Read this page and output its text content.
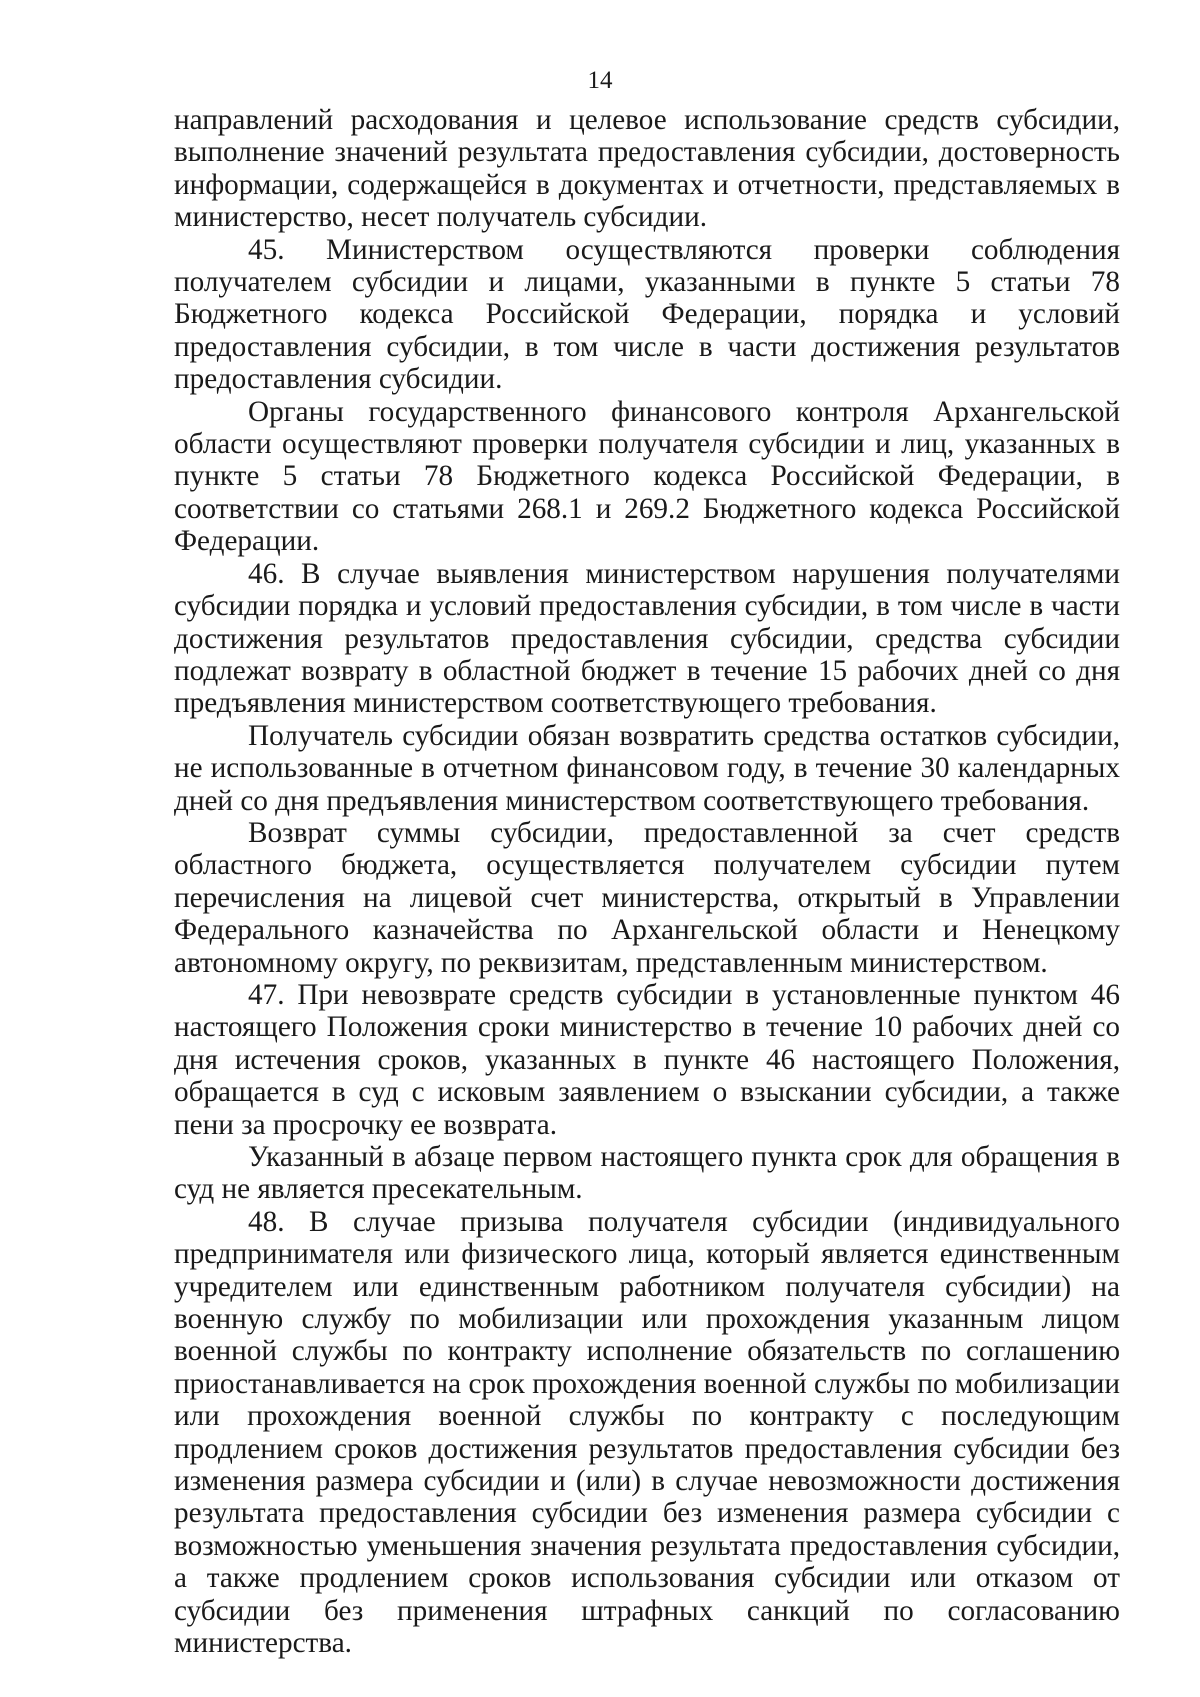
14

направлений расходования и целевое использование средств субсидии, выполнение значений результата предоставления субсидии, достоверность информации, содержащейся в документах и отчетности, представляемых в министерство, несет получатель субсидии.

45. Министерством осуществляются проверки соблюдения получателем субсидии и лицами, указанными в пункте 5 статьи 78 Бюджетного кодекса Российской Федерации, порядка и условий предоставления субсидии, в том числе в части достижения результатов предоставления субсидии.

Органы государственного финансового контроля Архангельской области осуществляют проверки получателя субсидии и лиц, указанных в пункте 5 статьи 78 Бюджетного кодекса Российской Федерации, в соответствии со статьями 268.1 и 269.2 Бюджетного кодекса Российской Федерации.

46. В случае выявления министерством нарушения получателями субсидии порядка и условий предоставления субсидии, в том числе в части достижения результатов предоставления субсидии, средства субсидии подлежат возврату в областной бюджет в течение 15 рабочих дней со дня предъявления министерством соответствующего требования.

Получатель субсидии обязан возвратить средства остатков субсидии, не использованные в отчетном финансовом году, в течение 30 календарных дней со дня предъявления министерством соответствующего требования.

Возврат суммы субсидии, предоставленной за счет средств областного бюджета, осуществляется получателем субсидии путем перечисления на лицевой счет министерства, открытый в Управлении Федерального казначейства по Архангельской области и Ненецкому автономному округу, по реквизитам, представленным министерством.

47. При невозврате средств субсидии в установленные пунктом 46 настоящего Положения сроки министерство в течение 10 рабочих дней со дня истечения сроков, указанных в пункте 46 настоящего Положения, обращается в суд с исковым заявлением о взыскании субсидии, а также пени за просрочку ее возврата.

Указанный в абзаце первом настоящего пункта срок для обращения в суд не является пресекательным.

48. В случае призыва получателя субсидии (индивидуального предпринимателя или физического лица, который является единственным учредителем или единственным работником получателя субсидии) на военную службу по мобилизации или прохождения указанным лицом военной службы по контракту исполнение обязательств по соглашению приостанавливается на срок прохождения военной службы по мобилизации или прохождения военной службы по контракту с последующим продлением сроков достижения результатов предоставления субсидии без изменения размера субсидии и (или) в случае невозможности достижения результата предоставления субсидии без изменения размера субсидии с возможностью уменьшения значения результата предоставления субсидии, а также продлением сроков использования субсидии или отказом от субсидии без применения штрафных санкций по согласованию министерства.
